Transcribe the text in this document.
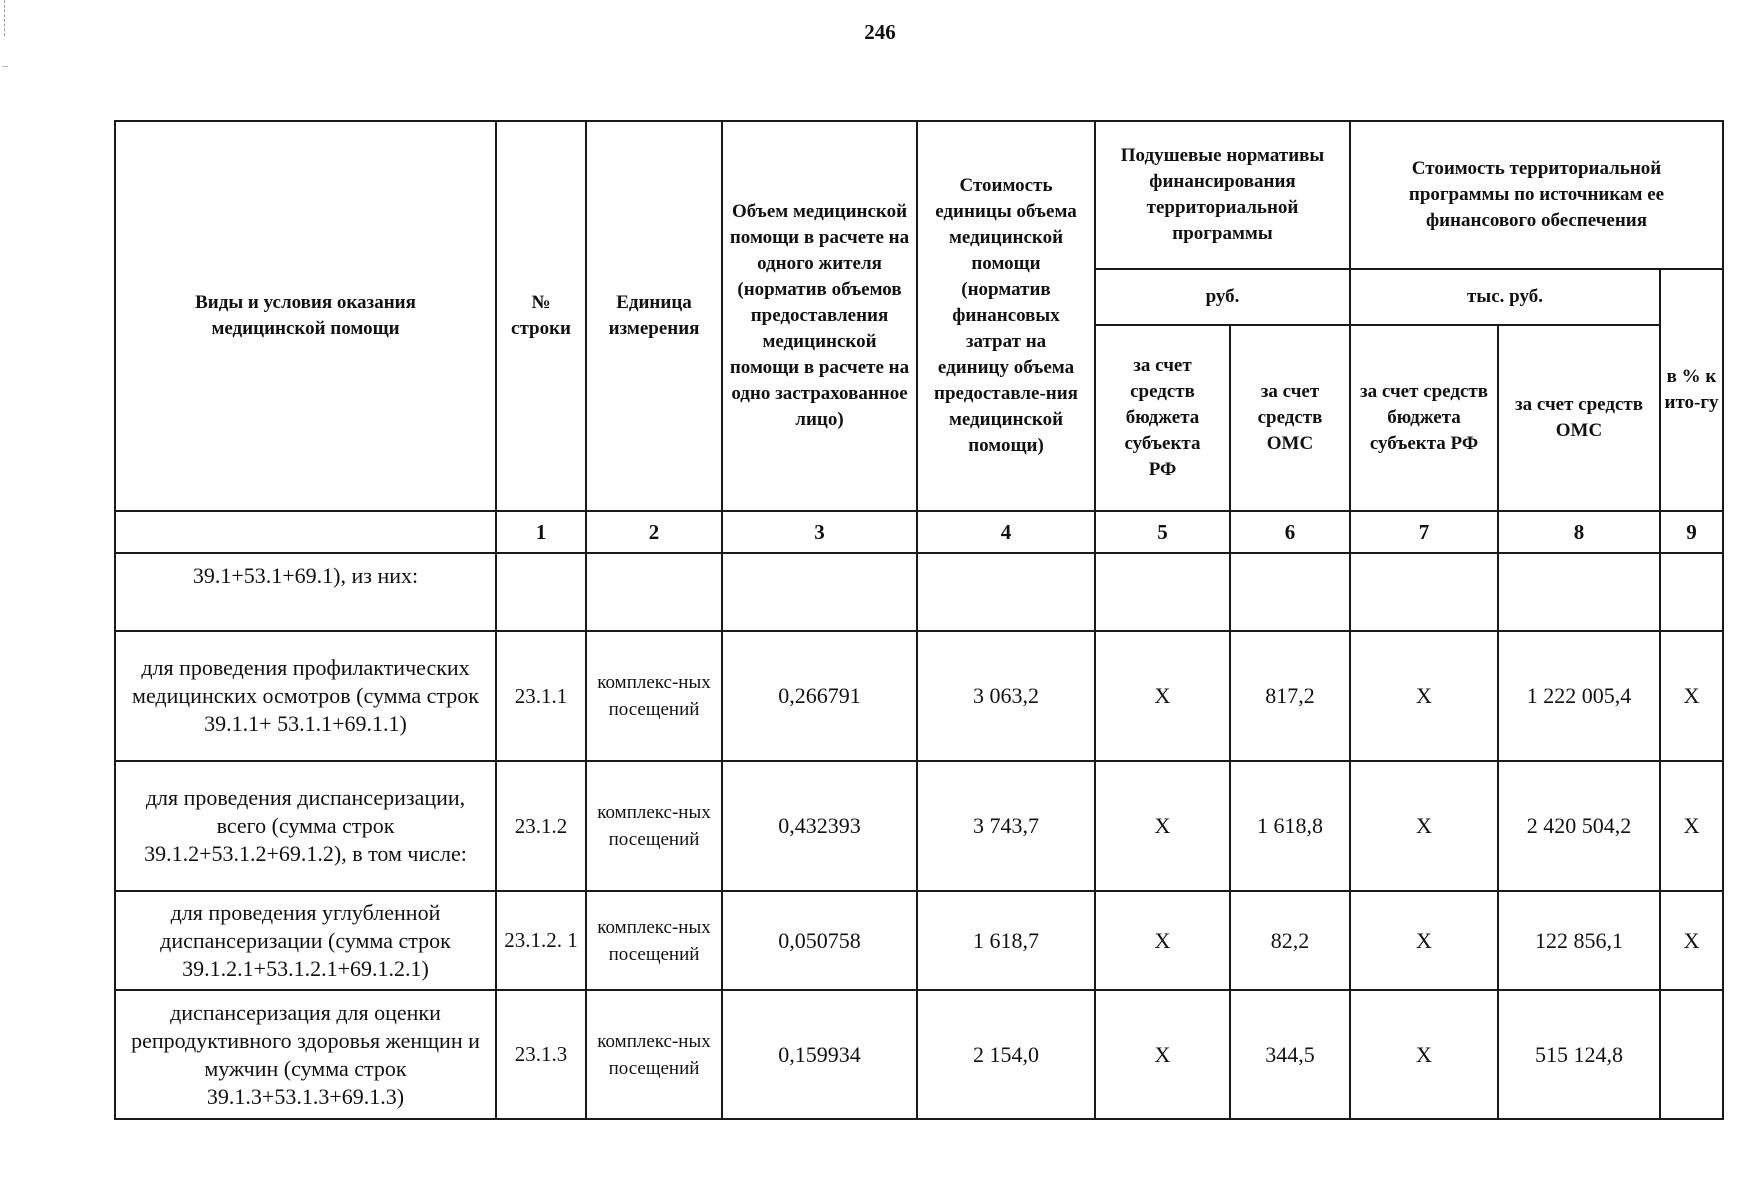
246
Виды и условия оказания медицинской помощи	№ строки	Единица измерения	Объем медицинской помощи в расчете на одного жителя (норматив объемов предоставления медицинской помощи в расчете на одно застрахованное лицо)	Стоимость единицы объема медицинской помощи (норматив финансовых затрат на единицу объема предоставле-ния медицинской помощи)	Подушевые нормативы финансирования территориальной программы		Стоимость территориальной программы по источникам ее финансового обеспечения		
					руб.		тыс. руб.		в % к ито-гу
					за счет средств бюджета субъекта РФ	за счет средств ОМС	за счет средств бюджета субъекта РФ	за счет средств ОМС	
	1	2	3	4	5	6	7	8	9
39.1+53.1+69.1), из них:									
для проведения профилактических медицинских осмотров (сумма строк 39.1.1+ 53.1.1+69.1.1)	23.1.1	комплекс-ных посещений	0,266791	3 063,2	X	817,2	X	1 222 005,4	X
для проведения диспансеризации, всего (сумма строк 39.1.2+53.1.2+69.1.2), в том числе:	23.1.2	комплекс-ных посещений	0,432393	3 743,7	X	1 618,8	X	2 420 504,2	X
для проведения углубленной диспансеризации (сумма строк 39.1.2.1+53.1.2.1+69.1.2.1)	23.1.2. 1	комплекс-ных посещений	0,050758	1 618,7	X	82,2	X	122 856,1	X
диспансеризация для оценки репродуктивного здоровья женщин и мужчин (сумма строк 39.1.3+53.1.3+69.1.3)	23.1.3	комплекс-ных посещений	0,159934	2 154,0	X	344,5	X	515 124,8	
